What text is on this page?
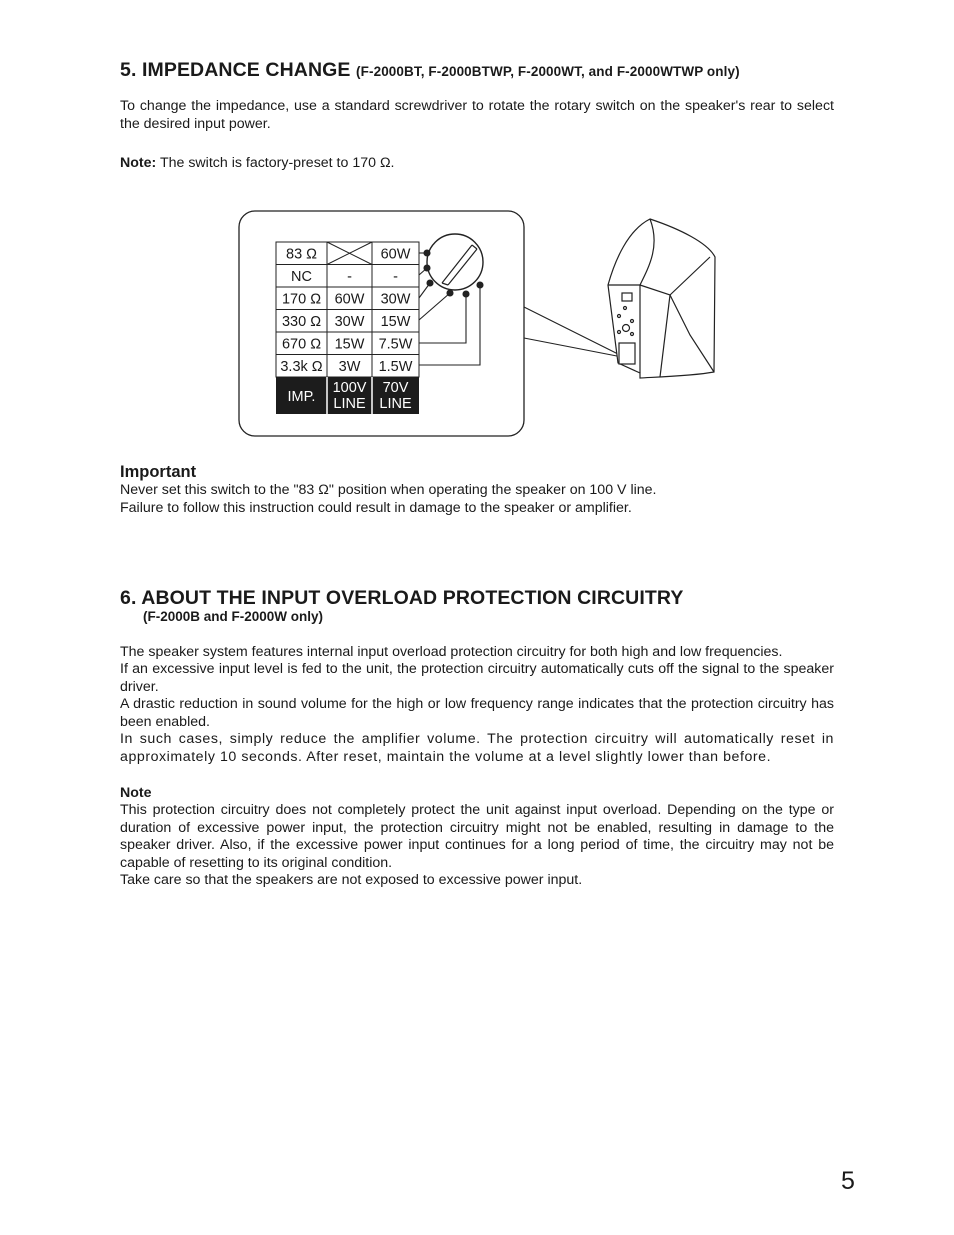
5. IMPEDANCE CHANGE (F-2000BT, F-2000BTWP, F-2000WT, and F-2000WTWP only)
To change the impedance, use a standard screwdriver to rotate the rotary switch on the speaker's rear to select the desired input power.
Note: The switch is factory-preset to 170 Ω.
83 Ω	60W
NC -	-
170 Ω 60W 30W
330 Ω 30W 15W
670 Ω 15W 7.5W
3.3k Ω 3W 1.5W
IMP.
100V
LINE
70V
LINE
Important
Never set this switch to the "83 Ω" position when operating the speaker on 100 V line.
Failure to follow this instruction could result in damage to the speaker or amplifier.
6. ABOUT THE INPUT OVERLOAD PROTECTION CIRCUITRY
(F-2000B and F-2000W only)
The speaker system features internal input overload protection circuitry for both high and low frequencies.
If an excessive input level is fed to the unit, the protection circuitry automatically cuts off the signal to the speaker driver.
A drastic reduction in sound volume for the high or low frequency range indicates that the protection circuitry has been enabled.
In such cases, simply reduce the amplifier volume. The protection circuitry will automatically reset in approximately 10 seconds. After reset, maintain the volume at a level slightly lower than before.
Note
This protection circuitry does not completely protect the unit against input overload. Depending on the type or duration of excessive power input, the protection circuitry might not be enabled, resulting in damage to the speaker driver. Also, if the excessive power input continues for a long period of time, the circuitry may not be capable of resetting to its original condition.
Take care so that the speakers are not exposed to excessive power input.
5
